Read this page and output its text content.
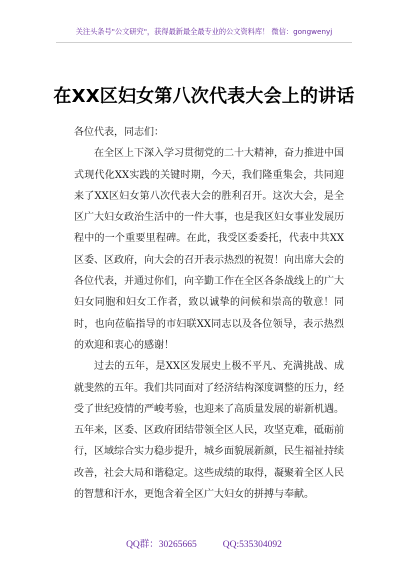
关注头条号"公文研究"，获得最新最全最专业的公文资料库！ 微信：gongwenyj
在XX区妇女第八次代表大会上的讲话

各位代表，同志们：

在全区上下深入学习贯彻党的二十大精神，奋力推进中国式现代化XX实践的关键时期，今天，我们隆重集会，共同迎来了XX区妇女第八次代表大会的胜利召开。这次大会，是全区广大妇女政治生活中的一件大事，也是我区妇女事业发展历程中的一个重要里程碑。在此，我受区委委托，代表中共XX区委、区政府，向大会的召开表示热烈的祝贺！向出席大会的各位代表，并通过你们，向辛勤工作在全区各条战线上的广大妇女同胞和妇女工作者，致以诚挚的问候和崇高的敬意！同时，也向莅临指导的市妇联XX同志以及各位领导，表示热烈的欢迎和衷心的感谢！

过去的五年，是XX区发展史上极不平凡、充满挑战、成就斐然的五年。我们共同面对了经济结构深度调整的压力，经受了世纪疫情的严峻考验，也迎来了高质量发展的崭新机遇。五年来，区委、区政府团结带领全区人民，攻坚克难，砥砺前行，区域综合实力稳步提升，城乡面貌展新颜，民生福祉持续改善，社会大局和谐稳定。这些成绩的取得，凝聚着全区人民的智慧和汗水，更饱含着全区广大妇女的拼搏与奉献。

QQ群：30265665	QQ:535304092
